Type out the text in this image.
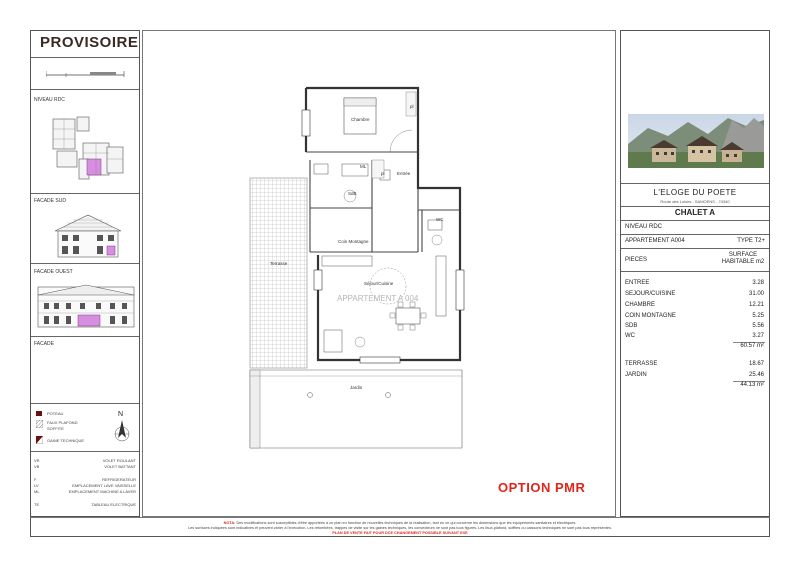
PROVISOIRE
NIVEAU RDC
FACADE SUD
FACADE OUEST
FACADE
POTEAU
FAUX PLAFOND
SOFFITE
GAINE TECHNIQUE
N
VR	VOLET ROULANT
VB	VOLET BATTANT
F	REFRIGERATEUR
LV	EMPLACEMENT LAVE VAISSELLE
ML	EMPLACEMENT MACHINE A LAVER
TE	TABLEAU ELECTRIQUE
Chambre
pl
pl
ML
SdB
Entrée
WC
Coin Montagne
Terrasse
Séjour/Cuisine
APPARTEMENT A 004
Jardin
OPTION PMR
L'ELOGE DU POETE
Route des Loisirs - SAMOENS - 74340
CHALET A
NIVEAU RDC
APPARTEMENT A004	TYPE T2+
PIECES
SURFACE HABITABLE m2
ENTREE	3.28
SEJOUR/CUISINE	31.00
CHAMBRE	12.21
COIN MONTAGNE	5.25
SDB	5.56
WC	3.27
60.57 m²
TERRASSE	18.67
JARDIN	25.46
44.13 m²
NOTA: Des modifications sont susceptibles d'être apportées à ce plan en fonction de nouvelles techniques de la réalisation, tant en ce qui concerne les dimensions que les équipements sanitaires et électriques.
Les surfaces indiquées sont indicatives et peuvent varier à l'exécution. Les retombées, trappes de visite sur les gaines techniques, les convecteurs ne sont pas tous figurés. Les faux-plafond, soffites ou caissons techniques ne sont pas tous représentés.
PLAN DE VENTE FAIT POUR DCE CHANGEMENT POSSIBLE SUIVANT EXE
